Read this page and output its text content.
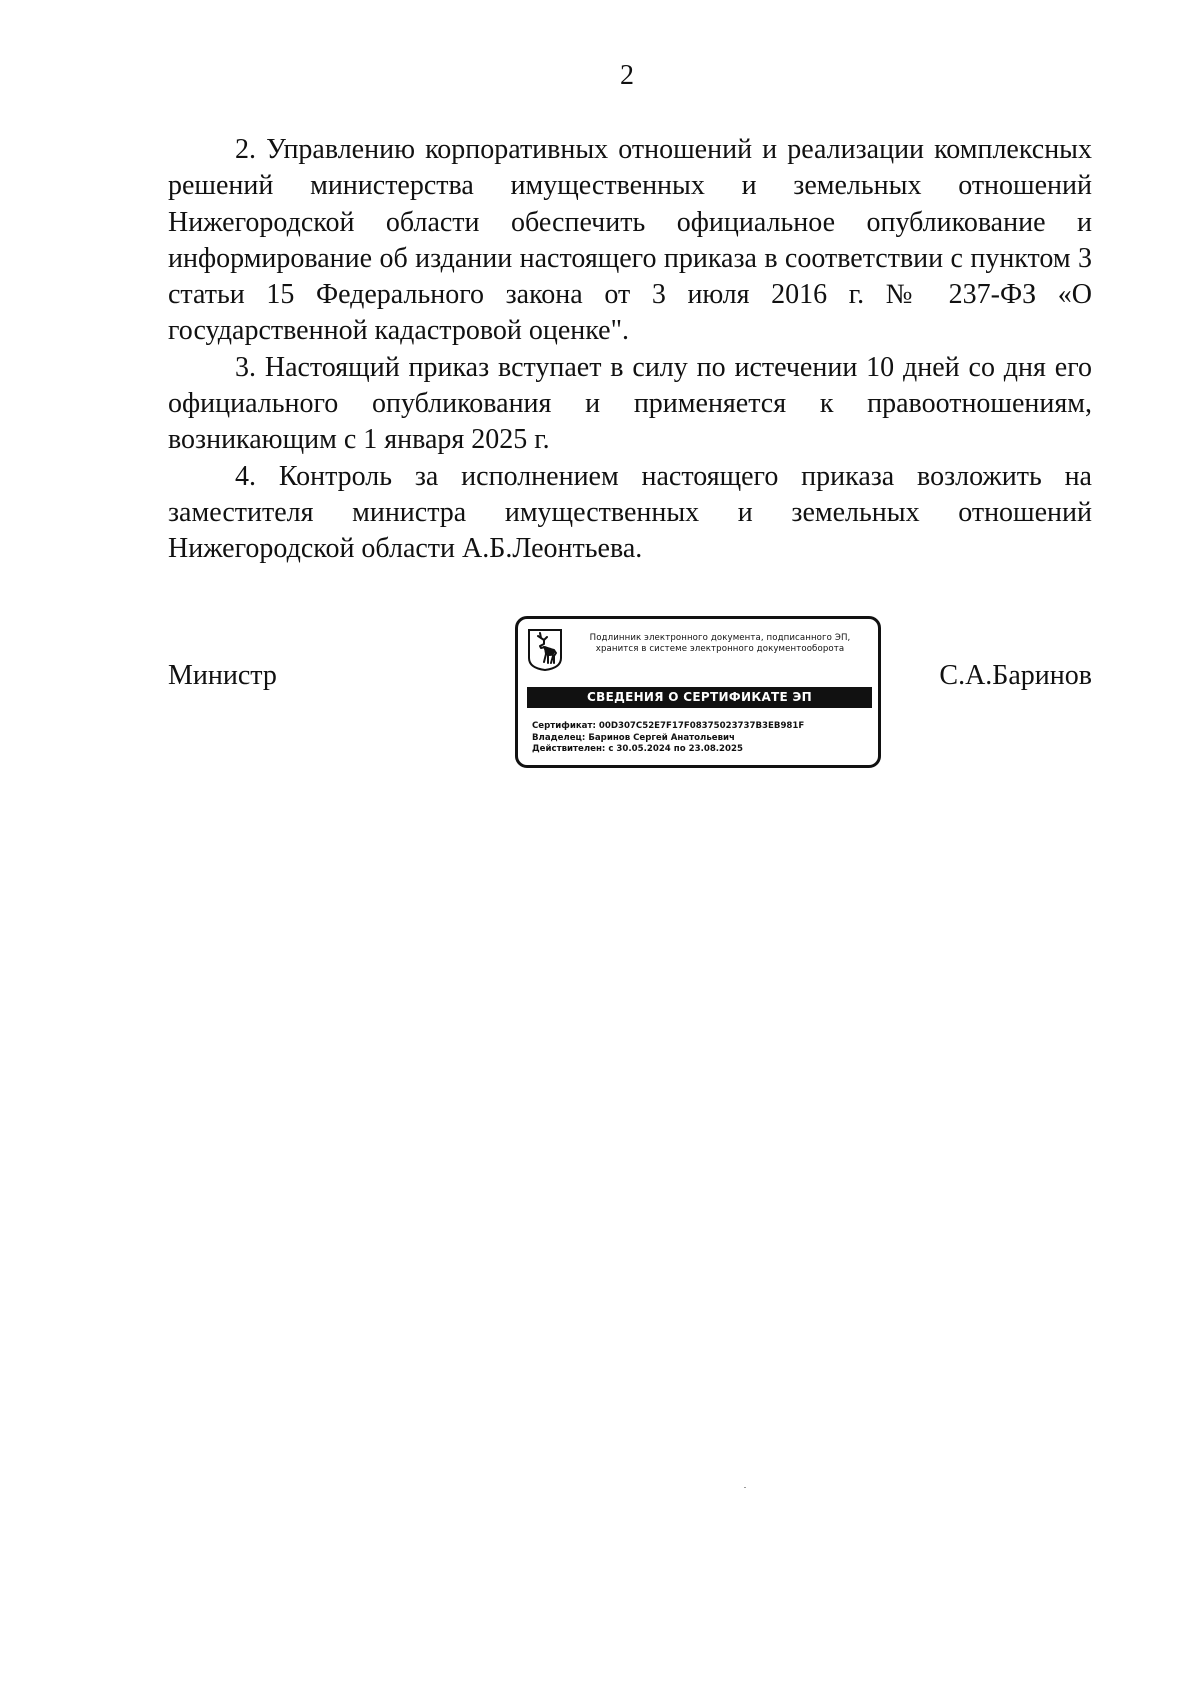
2

2. Управлению корпоративных отношений и реализации комплексных решений министерства имущественных и земельных отношений Нижегородской области обеспечить официальное опубликование и информирование об издании настоящего приказа в соответствии с пунктом 3 статьи 15 Федерального закона от 3 июля 2016 г. № 237-ФЗ «О государственной кадастровой оценке".

3. Настоящий приказ вступает в силу по истечении 10 дней со дня его официального опубликования и применяется к правоотношениям, возникающим с 1 января 2025 г.

4. Контроль за исполнением настоящего приказа возложить на заместителя министра имущественных и земельных отношений Нижегородской области А.Б.Леонтьева.

Министр
Подлинник электронного документа, подписанного ЭП,
хранится в системе электронного документооборота
СВЕДЕНИЯ О СЕРТИФИКАТЕ ЭП
Сертификат: 00D307C52E7F17F08375023737B3EB981F
Владелец: Баринов Сергей Анатольевич
Действителен: с 30.05.2024 по 23.08.2025
С.А.Баринов
